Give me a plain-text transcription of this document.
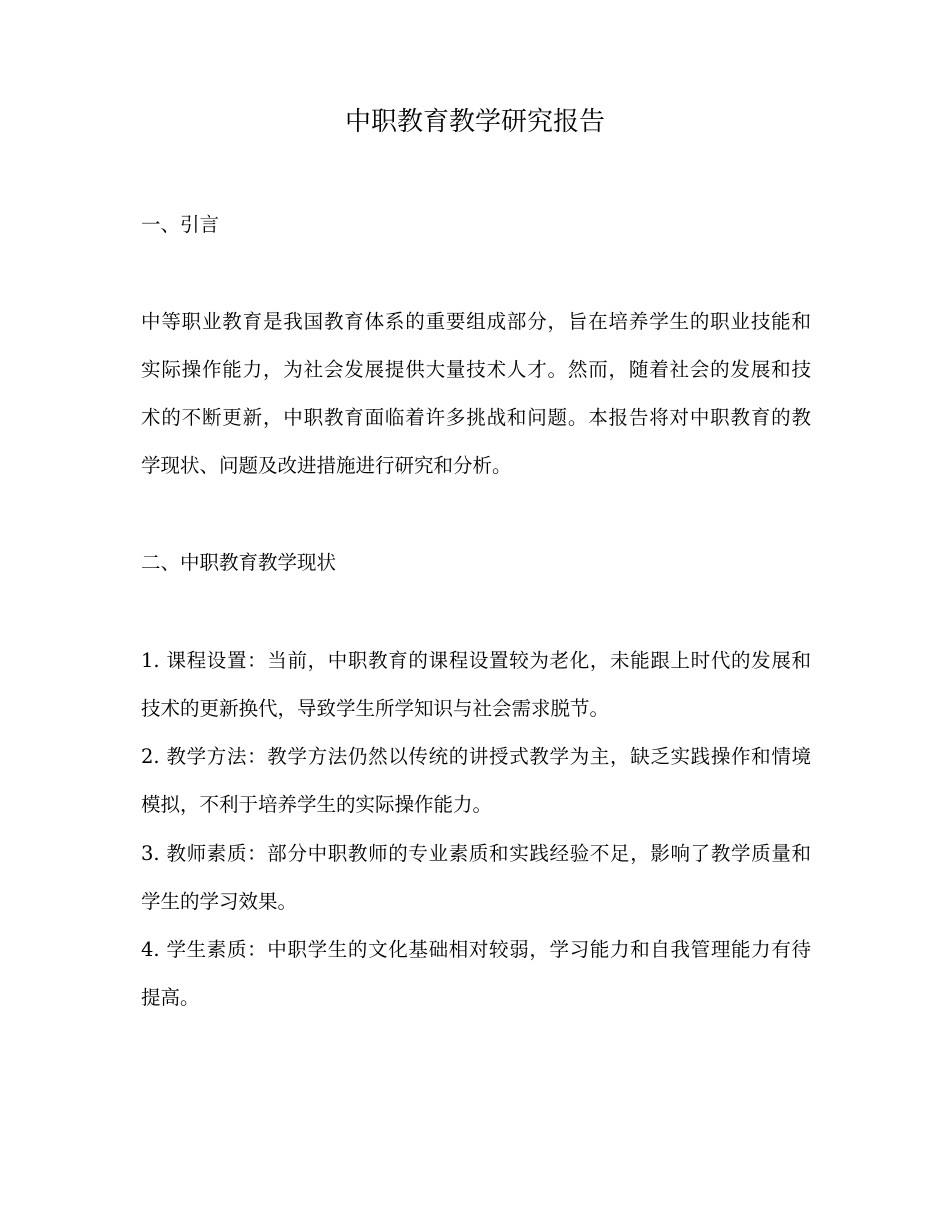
中职教育教学研究报告
一、引言
中等职业教育是我国教育体系的重要组成部分，旨在培养学生的职业技能和
实际操作能力，为社会发展提供大量技术人才。然而，随着社会的发展和技
术的不断更新，中职教育面临着许多挑战和问题。本报告将对中职教育的教
学现状、问题及改进措施进行研究和分析。
二、中职教育教学现状
1. 课程设置：当前，中职教育的课程设置较为老化，未能跟上时代的发展和
技术的更新换代，导致学生所学知识与社会需求脱节。
2. 教学方法：教学方法仍然以传统的讲授式教学为主，缺乏实践操作和情境
模拟，不利于培养学生的实际操作能力。
3. 教师素质：部分中职教师的专业素质和实践经验不足，影响了教学质量和
学生的学习效果。
4. 学生素质：中职学生的文化基础相对较弱，学习能力和自我管理能力有待
提高。
